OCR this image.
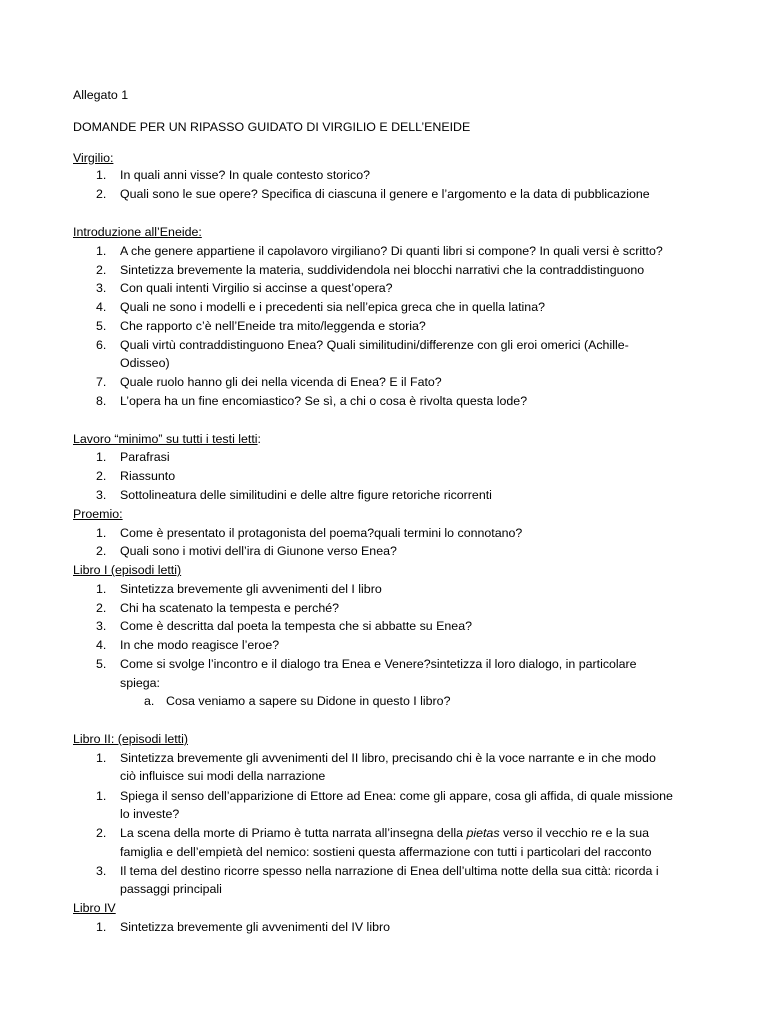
Allegato 1
DOMANDE PER UN RIPASSO GUIDATO DI VIRGILIO E DELL’ENEIDE
Virgilio:
1. In quali anni visse? In quale contesto storico?
2. Quali sono le sue opere? Specifica di ciascuna il genere e l’argomento e la data di pubblicazione
Introduzione all’Eneide:
1. A che genere appartiene il capolavoro virgiliano? Di quanti libri si compone? In quali versi è scritto?
2. Sintetizza brevemente la materia, suddividendola nei blocchi narrativi che la contraddistinguono
3. Con quali intenti Virgilio si accinse a quest’opera?
4. Quali ne sono i modelli e i precedenti sia nell’epica greca che in quella latina?
5. Che rapporto c’è nell’Eneide tra mito/leggenda e storia?
6. Quali virtù contraddistinguono Enea? Quali similitudini/differenze con gli eroi omerici (Achille-
Odisseo)
7. Quale ruolo hanno gli dei nella vicenda di Enea? E il Fato?
8. L’opera ha un fine encomiastico? Se sì, a chi o cosa è rivolta questa lode?
Lavoro “minimo” su tutti i testi letti:
1. Parafrasi
2. Riassunto
3. Sottolineatura delle similitudini e delle altre figure retoriche ricorrenti
Proemio:
1. Come è presentato il protagonista del poema?quali termini lo connotano?
2. Quali sono i motivi dell’ira di Giunone verso Enea?
Libro I (episodi letti)
1. Sintetizza brevemente gli avvenimenti del I libro
2. Chi ha scatenato la tempesta e perché?
3. Come è descritta dal poeta la tempesta che si abbatte su Enea?
4. In che modo reagisce l’eroe?
5. Come si svolge l’incontro e il dialogo tra Enea e Venere?sintetizza il loro dialogo, in particolare
spiega:
a. Cosa veniamo a sapere su Didone in questo I libro?
Libro II: (episodi letti)
1. Sintetizza brevemente gli avvenimenti del II libro, precisando chi è la voce narrante e in che modo
ciò influisce sui modi della narrazione
1. Spiega il senso dell’apparizione di Ettore ad Enea: come gli appare, cosa gli affida, di quale missione
lo investe?
2. La scena della morte di Priamo è tutta narrata all’insegna della pietas verso il vecchio re e la sua
famiglia e dell’empietà del nemico: sostieni questa affermazione con tutti i particolari del racconto
3. Il tema del destino ricorre spesso nella narrazione di Enea dell’ultima notte della sua città: ricorda i
passaggi principali
Libro IV
1. Sintetizza brevemente gli avvenimenti del IV libro
